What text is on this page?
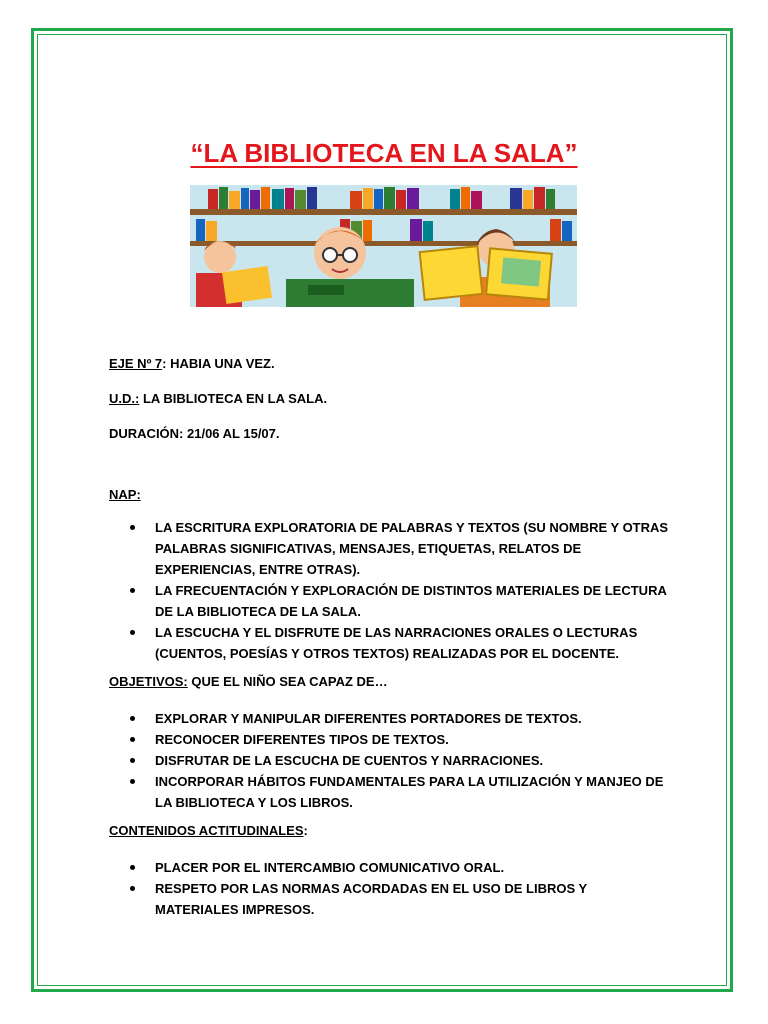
“LA BIBLIOTECA EN LA SALA”
EJE Nº 7: HABIA UNA VEZ.
U.D.: LA BIBLIOTECA EN LA SALA.
DURACIÓN: 21/06 AL 15/07.
NAP:
LA ESCRITURA EXPLORATORIA DE PALABRAS Y TEXTOS (SU NOMBRE Y OTRAS PALABRAS SIGNIFICATIVAS, MENSAJES, ETIQUETAS, RELATOS DE EXPERIENCIAS, ENTRE OTRAS).
LA FRECUENTACIÓN Y EXPLORACIÓN DE DISTINTOS MATERIALES DE LECTURA DE LA BIBLIOTECA DE LA SALA.
LA ESCUCHA Y EL DISFRUTE DE LAS NARRACIONES ORALES O LECTURAS (CUENTOS, POESÍAS Y OTROS TEXTOS) REALIZADAS POR EL DOCENTE.
OBJETIVOS: QUE EL NIÑO SEA CAPAZ DE…
EXPLORAR Y MANIPULAR DIFERENTES PORTADORES DE TEXTOS.
RECONOCER DIFERENTES TIPOS DE TEXTOS.
DISFRUTAR DE LA ESCUCHA DE CUENTOS Y NARRACIONES.
INCORPORAR HÁBITOS FUNDAMENTALES PARA LA UTILIZACIÓN Y MANJEO DE LA BIBLIOTECA Y LOS LIBROS.
CONTENIDOS ACTITUDINALES:
PLACER POR EL INTERCAMBIO COMUNICATIVO ORAL.
RESPETO POR LAS NORMAS ACORDADAS EN EL USO DE LIBROS Y MATERIALES IMPRESOS.
